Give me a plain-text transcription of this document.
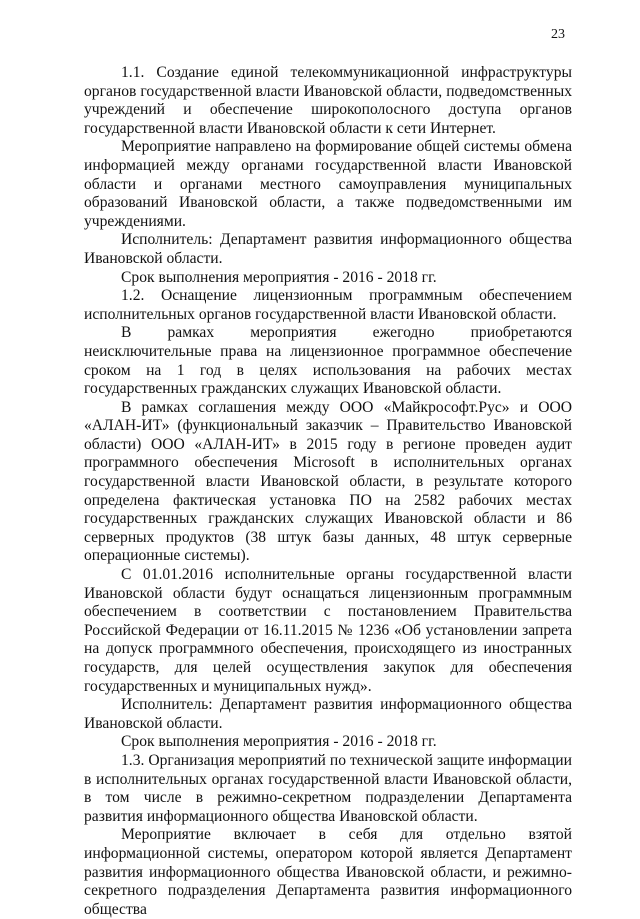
23

1.1. Создание единой телекоммуникационной инфраструктуры органов государственной власти Ивановской области, подведомственных учреждений и обеспечение широкополосного доступа органов государственной власти Ивановской области к сети Интернет.

Мероприятие направлено на формирование общей системы обмена информацией между органами государственной власти Ивановской области и органами местного самоуправления муниципальных образований Ивановской области, а также подведомственными им учреждениями.

Исполнитель: Департамент развития информационного общества Ивановской области.

Срок выполнения мероприятия - 2016 - 2018 гг.

1.2. Оснащение лицензионным программным обеспечением исполнительных органов государственной власти Ивановской области.

В рамках мероприятия ежегодно приобретаются неисключительные права на лицензионное программное обеспечение сроком на 1 год в целях использования на рабочих местах государственных гражданских служащих Ивановской области.

В рамках соглашения между ООО «Майкрософт.Рус» и ООО «АЛАН-ИТ» (функциональный заказчик – Правительство Ивановской области) ООО «АЛАН-ИТ» в 2015 году в регионе проведен аудит программного обеспечения Microsoft в исполнительных органах государственной власти Ивановской области, в результате которого определена фактическая установка ПО на 2582 рабочих местах государственных гражданских служащих Ивановской области и 86 серверных продуктов (38 штук базы данных, 48 штук серверные операционные системы).

С 01.01.2016 исполнительные органы государственной власти Ивановской области будут оснащаться лицензионным программным обеспечением в соответствии с постановлением Правительства Российской Федерации от 16.11.2015 № 1236 «Об установлении запрета на допуск программного обеспечения, происходящего из иностранных государств, для целей осуществления закупок для обеспечения государственных и муниципальных нужд».

Исполнитель: Департамент развития информационного общества Ивановской области.

Срок выполнения мероприятия - 2016 - 2018 гг.

1.3. Организация мероприятий по технической защите информации в исполнительных органах государственной власти Ивановской области, в том числе в режимно-секретном подразделении Департамента развития информационного общества Ивановской области.

Мероприятие включает в себя для отдельно взятой информационной системы, оператором которой является Департамент развития информационного общества Ивановской области, и режимно-секретного подразделения Департамента развития информационного общества
